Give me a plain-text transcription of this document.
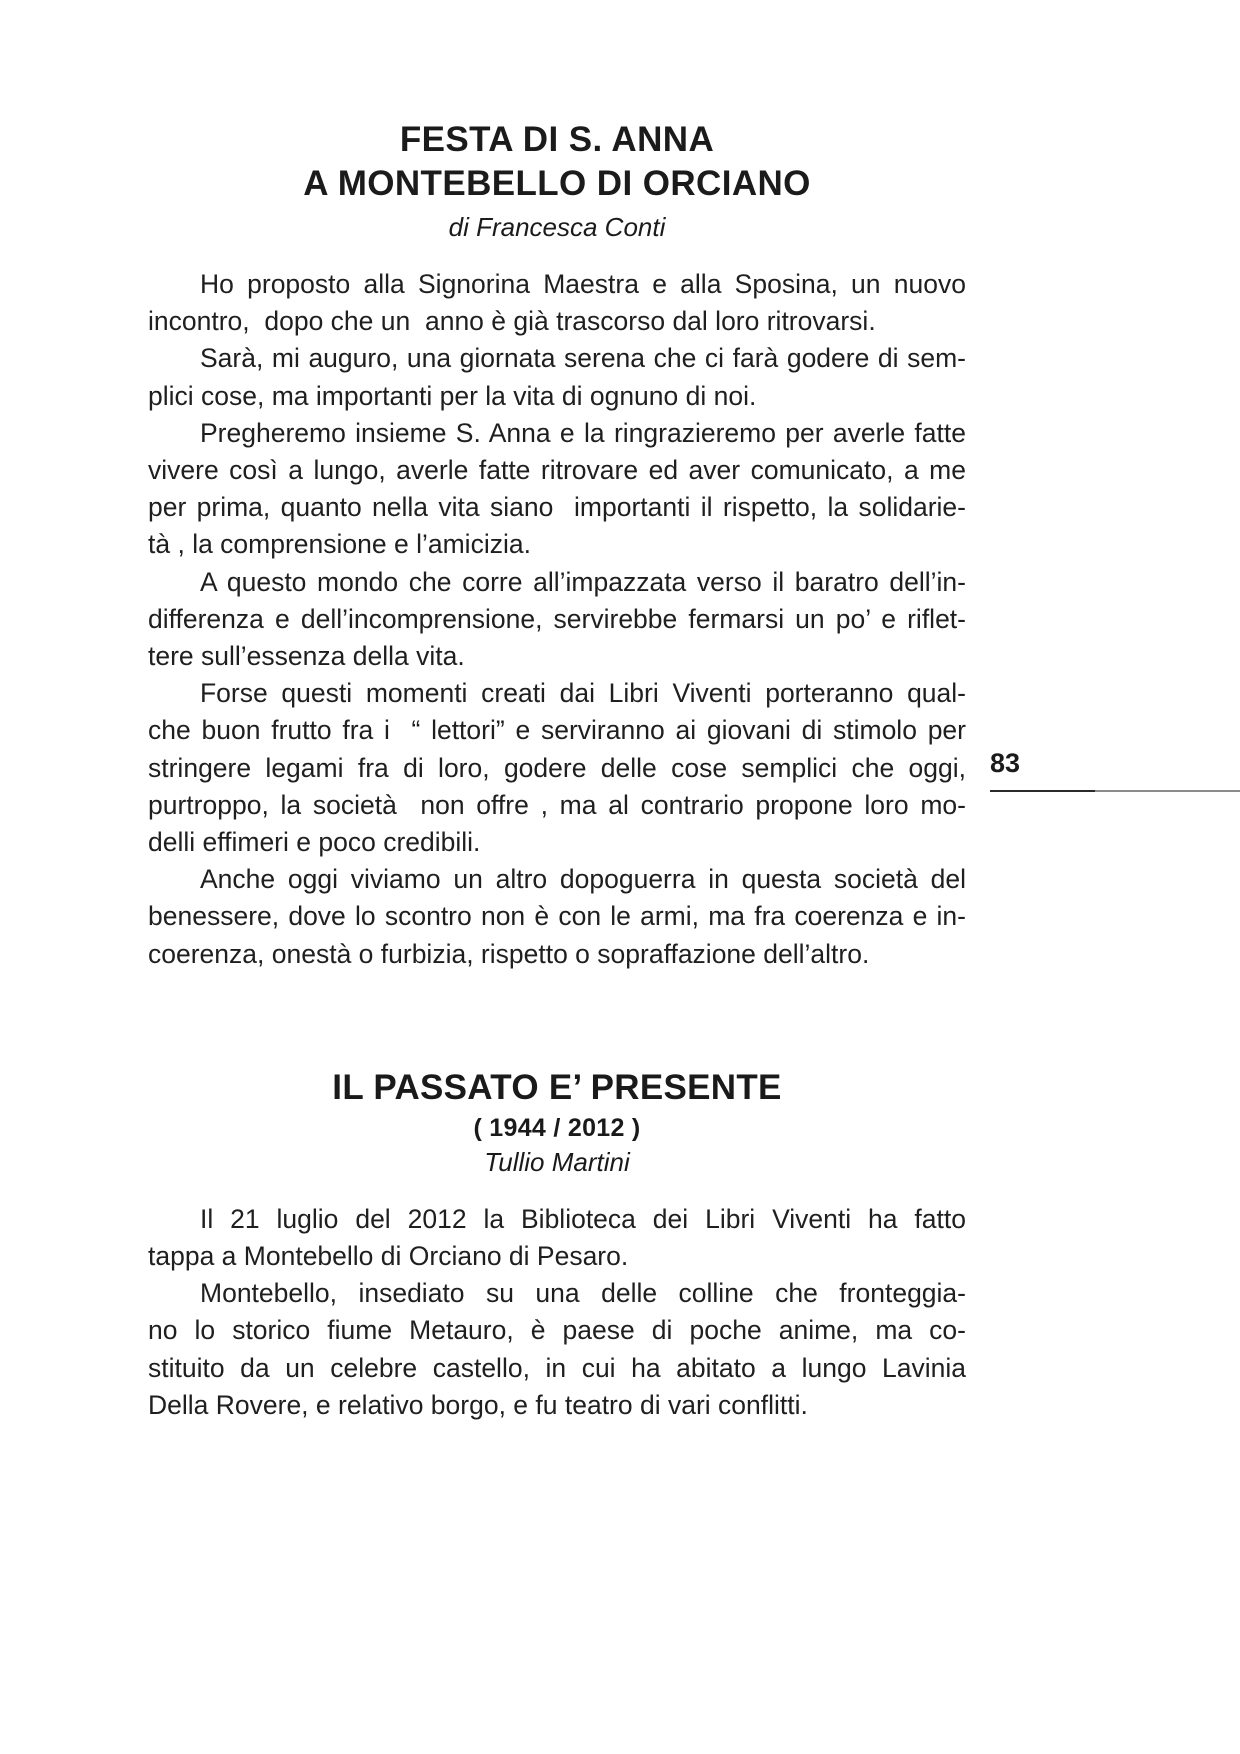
FESTA DI S. ANNA
A MONTEBELLO DI ORCIANO
di Francesca Conti

Ho proposto alla Signorina Maestra e alla Sposina, un nuovo
incontro,  dopo che un  anno è già trascorso dal loro ritrovarsi.

Sarà, mi auguro, una giornata serena che ci farà godere di sem-
plici cose, ma importanti per la vita di ognuno di noi.

Pregheremo insieme S. Anna e la ringrazieremo per averle fatte
vivere così a lungo, averle fatte ritrovare ed aver comunicato, a me
per prima, quanto nella vita siano  importanti il rispetto, la solidarie-
tà , la comprensione e l’amicizia.

A questo mondo che corre all’impazzata verso il baratro dell’in-
differenza e dell’incomprensione, servirebbe fermarsi un po’ e riflet-
tere sull’essenza della vita.

Forse questi momenti creati dai Libri Viventi porteranno qual-
che buon frutto fra i  “ lettori” e serviranno ai giovani di stimolo per
stringere legami fra di loro, godere delle cose semplici che oggi,
purtroppo, la società  non offre , ma al contrario propone loro mo-
delli effimeri e poco credibili.

Anche oggi viviamo un altro dopoguerra in questa società del
benessere, dove lo scontro non è con le armi, ma fra coerenza e in-
coerenza, onestà o furbizia, rispetto o sopraffazione dell’altro.

IL PASSATO E’ PRESENTE
( 1944 / 2012 )
Tullio Martini

Il 21 luglio del 2012 la Biblioteca dei Libri Viventi ha fatto
tappa a Montebello di Orciano di Pesaro.

Montebello, insediato su una delle colline che fronteggia-
no lo storico fiume Metauro, è paese di poche anime, ma co-
stituito da un celebre castello, in cui ha abitato a lungo Lavinia
Della Rovere, e relativo borgo, e fu teatro di vari conflitti.

83
